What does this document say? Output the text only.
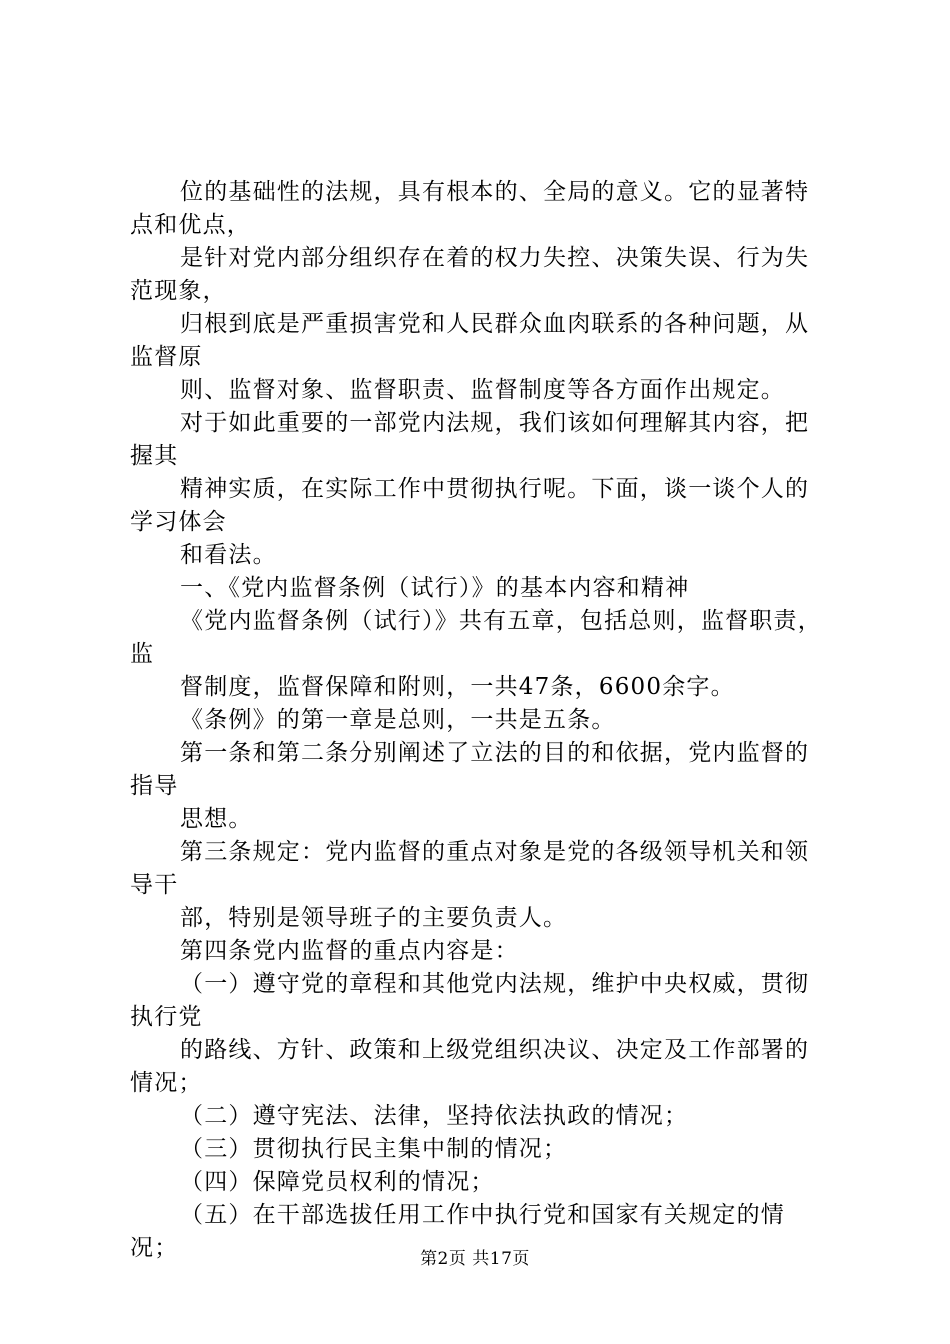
位的基础性的法规，具有根本的、全局的意义。它的显著特点和优点，

是针对党内部分组织存在着的权力失控、决策失误、行为失范现象，

归根到底是严重损害党和人民群众血肉联系的各种问题，从监督原

则、监督对象、监督职责、监督制度等各方面作出规定。

对于如此重要的一部党内法规，我们该如何理解其内容，把握其

精神实质，在实际工作中贯彻执行呢。下面，谈一谈个人的学习体会

和看法。

一、《党内监督条例（试行）》的基本内容和精神

《党内监督条例（试行）》共有五章，包括总则，监督职责，监

督制度，监督保障和附则，一共47条，6600余字。

《条例》的第一章是总则，一共是五条。

第一条和第二条分别阐述了立法的目的和依据，党内监督的指导

思想。

第三条规定：党内监督的重点对象是党的各级领导机关和领导干

部，特别是领导班子的主要负责人。

第四条党内监督的重点内容是：

（一）遵守党的章程和其他党内法规，维护中央权威，贯彻执行党

的路线、方针、政策和上级党组织决议、决定及工作部署的情况；

（二）遵守宪法、法律，坚持依法执政的情况；

（三）贯彻执行民主集中制的情况；

（四）保障党员权利的情况；

（五）在干部选拔任用工作中执行党和国家有关规定的情况；	第2页 共17页
